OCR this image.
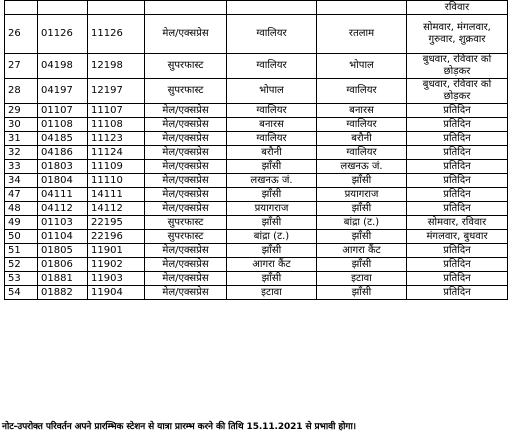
						रविवार
26	01126	11126	मेल/एक्सप्रेस	ग्वालियर	रतलाम	सोमवार, मंगलवार, गुरुवार, शुक्रवार
27	04198	12198	सुपरफास्ट	ग्वालियर	भोपाल	बुधवार, रविवार को छोड़कर
28	04197	12197	सुपरफास्ट	भोपाल	ग्वालियर	बुधवार, रविवार को छोड़कर
29	01107	11107	मेल/एक्सप्रेस	ग्वालियर	बनारस	प्रतिदिन
30	01108	11108	मेल/एक्सप्रेस	बनारस	ग्वालियर	प्रतिदिन
31	04185	11123	मेल/एक्सप्रेस	ग्वालियर	बरौनी	प्रतिदिन
32	04186	11124	मेल/एक्सप्रेस	बरौनी	ग्वालियर	प्रतिदिन
33	01803	11109	मेल/एक्सप्रेस	झाँसी	लखनऊ जं.	प्रतिदिन
34	01804	11110	मेल/एक्सप्रेस	लखनऊ जं.	झाँसी	प्रतिदिन
47	04111	14111	मेल/एक्सप्रेस	झाँसी	प्रयागराज	प्रतिदिन
48	04112	14112	मेल/एक्सप्रेस	प्रयागराज	झाँसी	प्रतिदिन
49	01103	22195	सुपरफास्ट	झाँसी	बांद्रा (ट.)	सोमवार, रविवार
50	01104	22196	सुपरफास्ट	बांद्रा (ट.)	झाँसी	मंगलवार, बुधवार
51	01805	11901	मेल/एक्सप्रेस	झाँसी	आगरा कैंट	प्रतिदिन
52	01806	11902	मेल/एक्सप्रेस	आगरा कैंट	झाँसी	प्रतिदिन
53	01881	11903	मेल/एक्सप्रेस	झाँसी	इटावा	प्रतिदिन
54	01882	11904	मेल/एक्सप्रेस	इटावा	झाँसी	प्रतिदिन
नोट-उपरोक्त परिवर्तन अपने प्रारम्भिक स्टेशन से यात्रा प्रारम्भ करने की तिथि 15.11.2021 से प्रभावी होगा।
